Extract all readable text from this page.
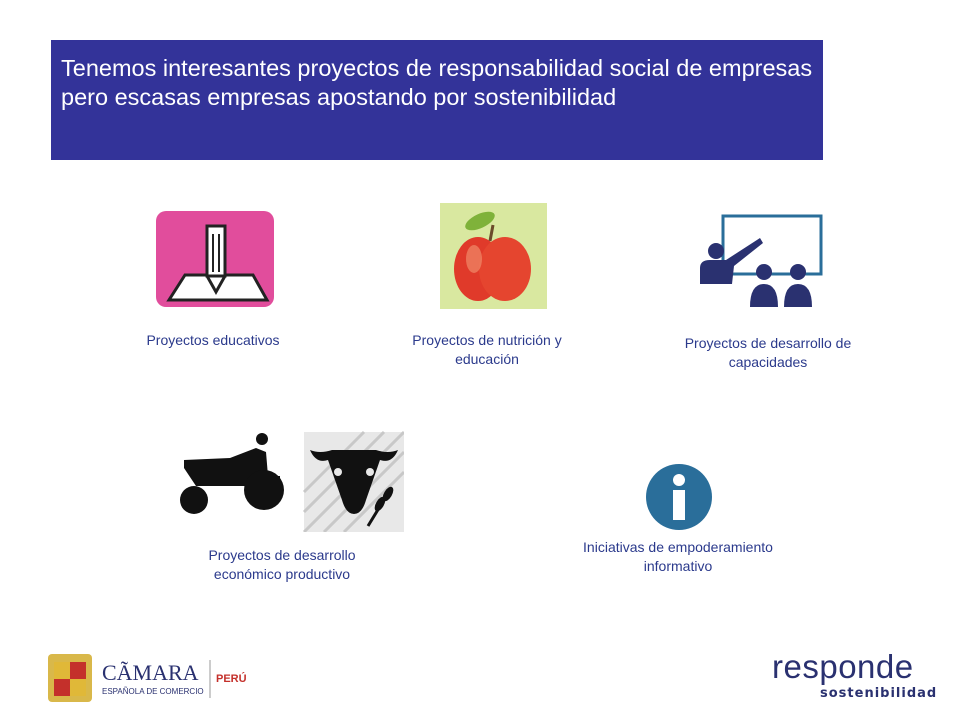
Tenemos interesantes proyectos de responsabilidad social de empresas pero escasas empresas apostando por sostenibilidad
Proyectos educativos	Proyectos de nutrición y educación
Proyectos de desarrollo de capacidades
Proyectos de desarrollo económico productivo
Iniciativas de empoderamiento informativo
CÃMARA
ESPAÑOLA DE COMERCIO
PERÚ	responde
sostenibilidad
